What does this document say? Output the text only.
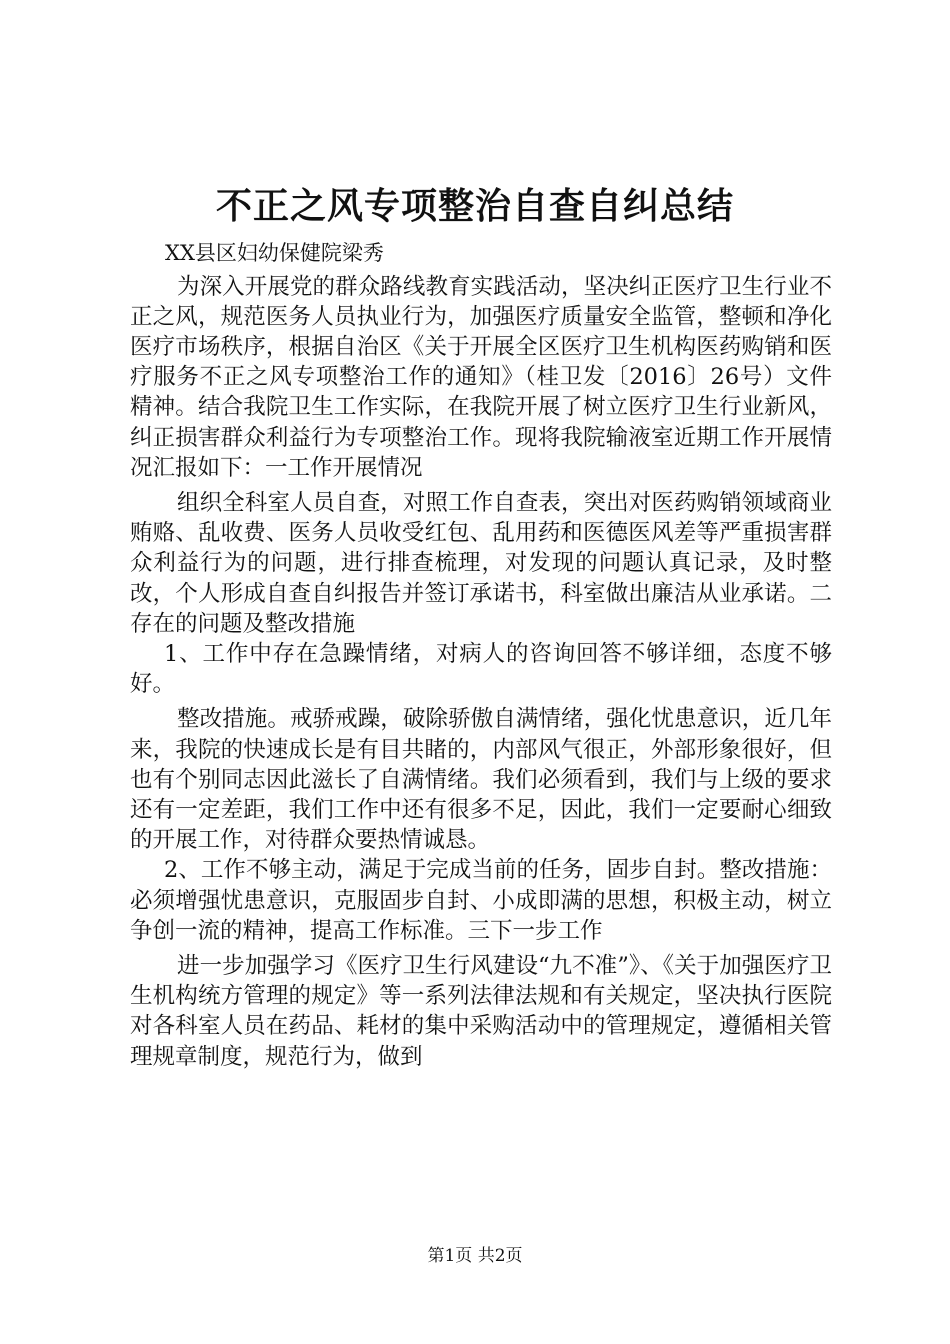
不正之风专项整治自查自纠总结

XX县区妇幼保健院梁秀

为深入开展党的群众路线教育实践活动，坚决纠正医疗卫生行业不正之风，规范医务人员执业行为，加强医疗质量安全监管，整顿和净化医疗市场秩序，根据自治区《关于开展全区医疗卫生机构医药购销和医疗服务不正之风专项整治工作的通知》（桂卫发〔2016〕26号）文件精神。结合我院卫生工作实际，在我院开展了树立医疗卫生行业新风，纠正损害群众利益行为专项整治工作。现将我院输液室近期工作开展情况汇报如下：一工作开展情况

组织全科室人员自查，对照工作自查表，突出对医药购销领域商业贿赂、乱收费、医务人员收受红包、乱用药和医德医风差等严重损害群众利益行为的问题，进行排查梳理，对发现的问题认真记录，及时整改，个人形成自查自纠报告并签订承诺书，科室做出廉洁从业承诺。二存在的问题及整改措施

1、工作中存在急躁情绪，对病人的咨询回答不够详细，态度不够好。

整改措施。戒骄戒躁，破除骄傲自满情绪，强化忧患意识，近几年来，我院的快速成长是有目共睹的，内部风气很正，外部形象很好，但也有个别同志因此滋长了自满情绪。我们必须看到，我们与上级的要求还有一定差距，我们工作中还有很多不足，因此，我们一定要耐心细致的开展工作，对待群众要热情诚恳。

2、工作不够主动，满足于完成当前的任务，固步自封。整改措施：必须增强忧患意识，克服固步自封、小成即满的思想，积极主动，树立争创一流的精神，提高工作标准。三下一步工作

进一步加强学习《医疗卫生行风建设“九不准”》、《关于加强医疗卫生机构统方管理的规定》等一系列法律法规和有关规定，坚决执行医院对各科室人员在药品、耗材的集中采购活动中的管理规定，遵循相关管理规章制度，规范行为，做到

第1页 共2页
